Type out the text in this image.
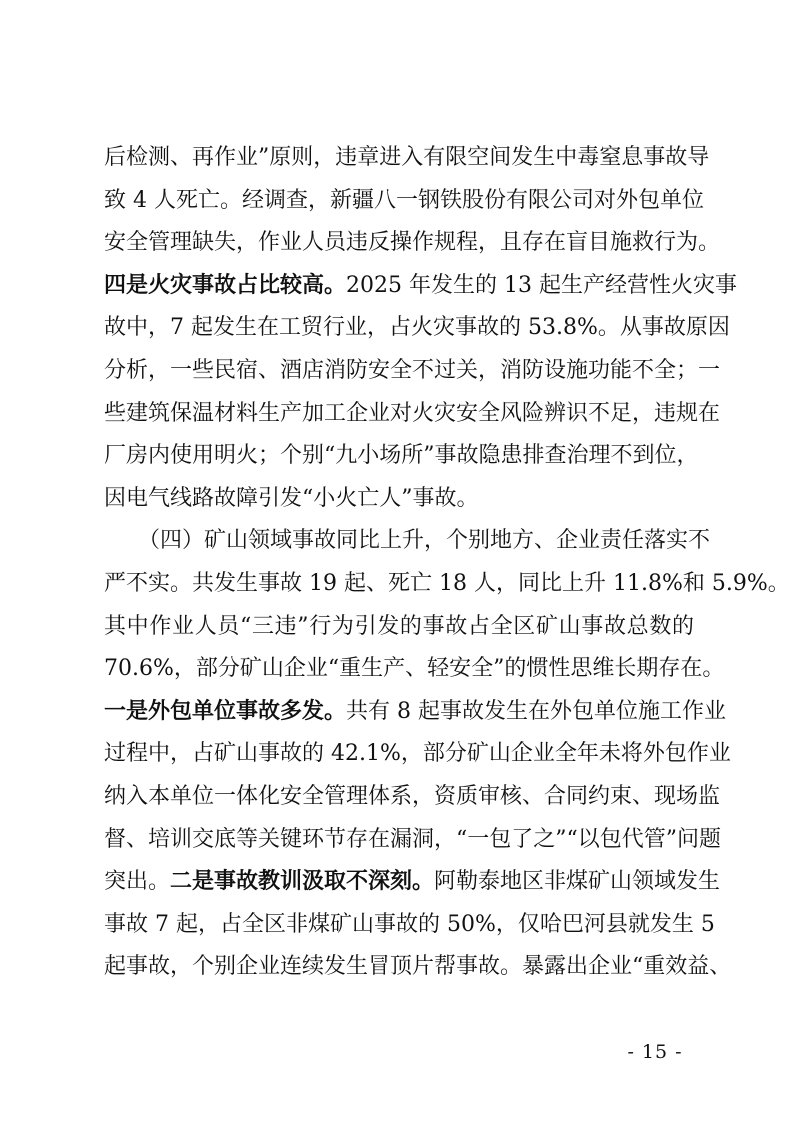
后检测、再作业”原则，违章进入有限空间发生中毒窒息事故导
致 4 人死亡。经调查，新疆八一钢铁股份有限公司对外包单位
安全管理缺失，作业人员违反操作规程，且存在盲目施救行为。
四是火灾事故占比较高。2025 年发生的 13 起生产经营性火灾事
故中，7 起发生在工贸行业，占火灾事故的 53.8%。从事故原因
分析，一些民宿、酒店消防安全不过关，消防设施功能不全；一
些建筑保温材料生产加工企业对火灾安全风险辨识不足，违规在
厂房内使用明火；个别“九小场所”事故隐患排查治理不到位，
因电气线路故障引发“小火亡人”事故。
（四）矿山领域事故同比上升，个别地方、企业责任落实不
严不实。共发生事故 19 起、死亡 18 人，同比上升 11.8%和 5.9%。
其中作业人员“三违”行为引发的事故占全区矿山事故总数的
70.6%，部分矿山企业“重生产、轻安全”的惯性思维长期存在。
一是外包单位事故多发。共有 8 起事故发生在外包单位施工作业
过程中，占矿山事故的 42.1%，部分矿山企业全年未将外包作业
纳入本单位一体化安全管理体系，资质审核、合同约束、现场监
督、培训交底等关键环节存在漏洞，“一包了之”“以包代管”问题
突出。二是事故教训汲取不深刻。阿勒泰地区非煤矿山领域发生
事故 7 起，占全区非煤矿山事故的 50%，仅哈巴河县就发生 5
起事故，个别企业连续发生冒顶片帮事故。暴露出企业“重效益、
- 15 -
